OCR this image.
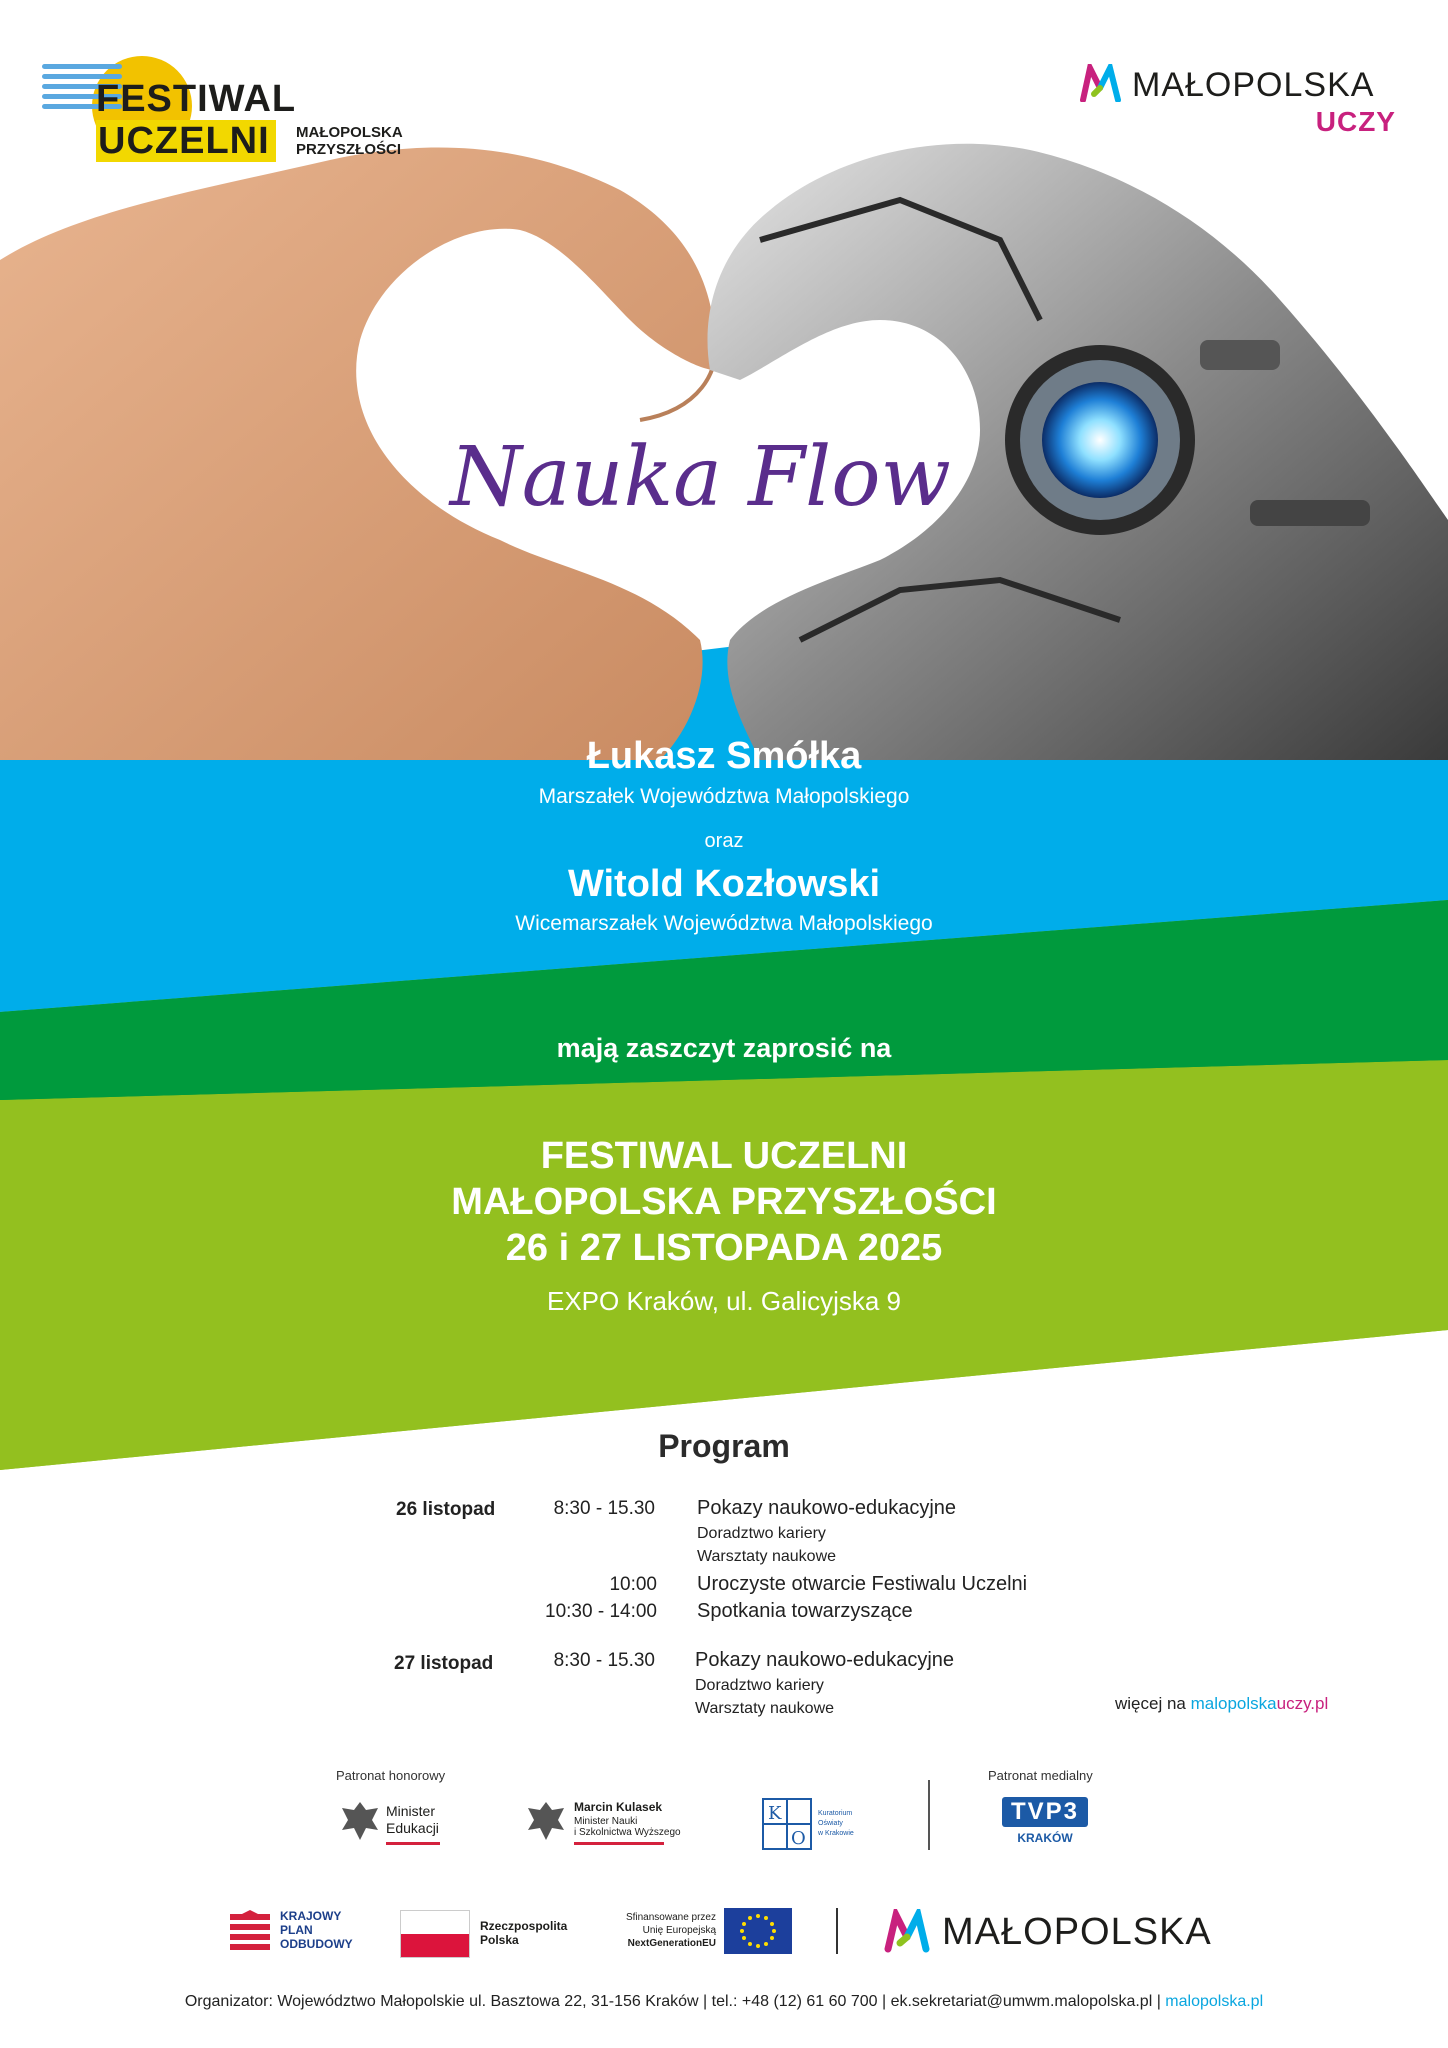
Nauka Flow
FESTIWAL
UCZELNI	MAŁOPOLSKA
PRZYSZŁOŚCI
MAŁOPOLSKA
UCZY
Łukasz Smółka
Marszałek Województwa Małopolskiego
oraz
Witold Kozłowski
Wicemarszałek Województwa Małopolskiego
mają zaszczyt zaprosić na
FESTIWAL UCZELNI
MAŁOPOLSKA PRZYSZŁOŚCI
26 i 27 LISTOPADA 2025
EXPO Kraków, ul. Galicyjska 9
Program
26 listopad	8:30 - 15.30 Pokazy naukowo-edukacyjne
Doradztwo kariery
Warsztaty naukowe
10:00 Uroczyste otwarcie Festiwalu Uczelni
10:30 - 14:00 Spotkania towarzyszące
27 listopad	8:30 - 15.30 Pokazy naukowo-edukacyjne
Doradztwo kariery
Warsztaty naukowe	więcej na malopolskauczy.pl
Patronat honorowy	Patronat medialny
Minister
Edukacji
Marcin Kulasek
Minister Nauki
i Szkolnictwa Wyższego
K
O
Kuratorium
Oświaty
w Krakowie
TVP3
KRAKÓW
KRAJOWY
PLAN
ODBUDOWY
Rzeczpospolita
Polska
Sfinansowane przez
Unię Europejską
NextGenerationEU	MAŁOPOLSKA
Organizator: Województwo Małopolskie ul. Basztowa 22, 31-156 Kraków | tel.: +48 (12) 61 60 700 | ek.sekretariat@umwm.malopolska.pl | malopolska.pl
